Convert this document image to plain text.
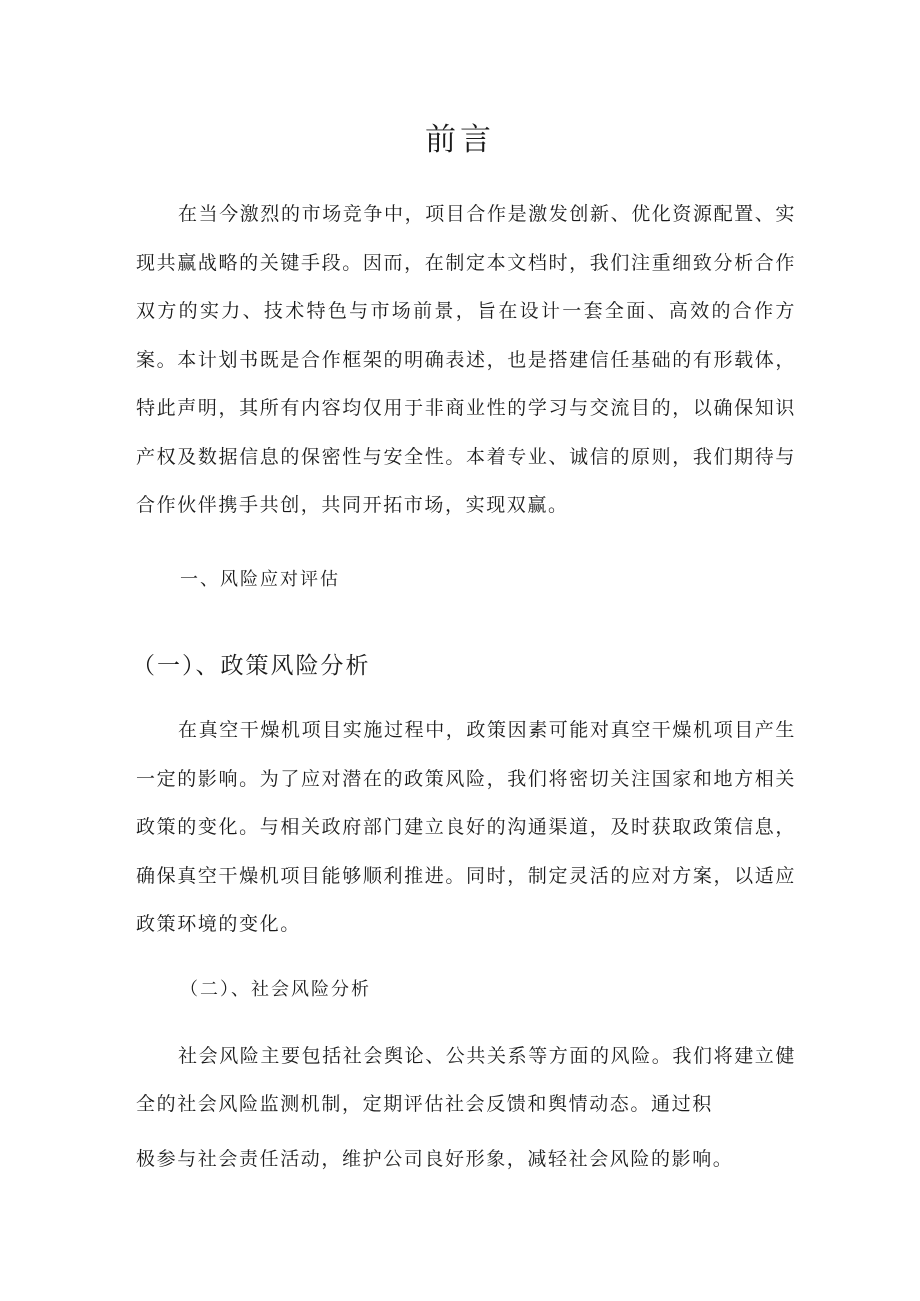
前言
在当今激烈的市场竞争中，项目合作是激发创新、优化资源配置、实现共赢战略的关键手段。因而，在制定本文档时，我们注重细致分析合作双方的实力、技术特色与市场前景，旨在设计一套全面、高效的合作方案。本计划书既是合作框架的明确表述，也是搭建信任基础的有形载体，特此声明，其所有内容均仅用于非商业性的学习与交流目的，以确保知识产权及数据信息的保密性与安全性。本着专业、诚信的原则，我们期待与合作伙伴携手共创，共同开拓市场，实现双赢。
一、风险应对评估
（一）、政策风险分析
在真空干燥机项目实施过程中，政策因素可能对真空干燥机项目产生一定的影响。为了应对潜在的政策风险，我们将密切关注国家和地方相关政策的变化。与相关政府部门建立良好的沟通渠道，及时获取政策信息，确保真空干燥机项目能够顺利推进。同时，制定灵活的应对方案，以适应政策环境的变化。
（二）、社会风险分析
社会风险主要包括社会舆论、公共关系等方面的风险。我们将建立健
全的社会风险监测机制，定期评估社会反馈和舆情动态。通过积
极参与社会责任活动，维护公司良好形象，减轻社会风险的影响。
